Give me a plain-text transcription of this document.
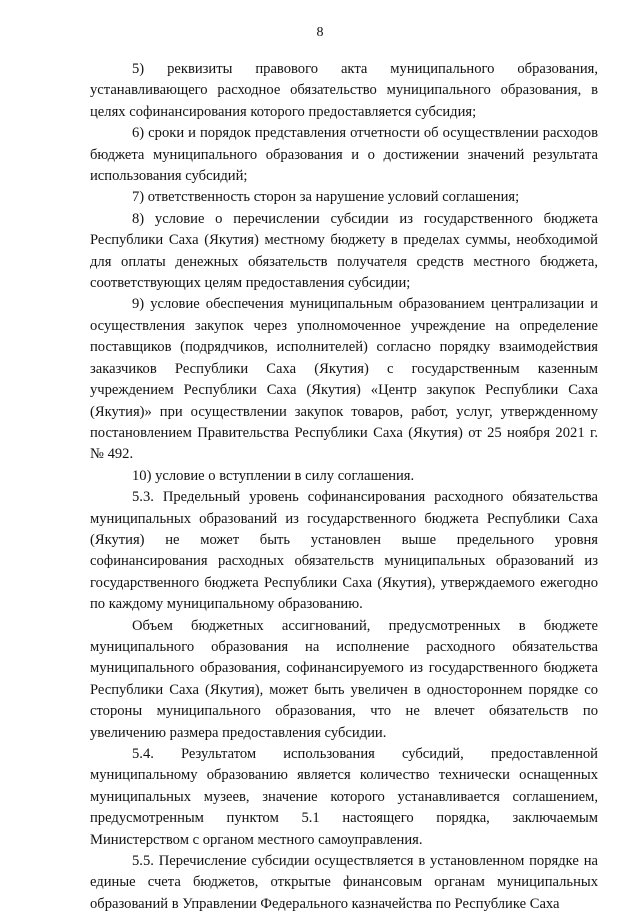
8

5) реквизиты правового акта муниципального образования, устанавливающего расходное обязательство муниципального образования, в целях софинансирования которого предоставляется субсидия;

6) сроки и порядок представления отчетности об осуществлении расходов бюджета муниципального образования и о достижении значений результата использования субсидий;

7) ответственность сторон за нарушение условий соглашения;

8) условие о перечислении субсидии из государственного бюджета Республики Саха (Якутия) местному бюджету в пределах суммы, необходимой для оплаты денежных обязательств получателя средств местного бюджета, соответствующих целям предоставления субсидии;

9) условие обеспечения муниципальным образованием централизации и осуществления закупок через уполномоченное учреждение на определение поставщиков (подрядчиков, исполнителей) согласно порядку взаимодействия заказчиков Республики Саха (Якутия) с государственным казенным учреждением Республики Саха (Якутия) «Центр закупок Республики Саха (Якутия)» при осуществлении закупок товаров, работ, услуг, утвержденному постановлением Правительства Республики Саха (Якутия) от 25 ноября 2021 г. № 492.

10) условие о вступлении в силу соглашения.

5.3. Предельный уровень софинансирования расходного обязательства муниципальных образований из государственного бюджета Республики Саха (Якутия) не может быть установлен выше предельного уровня софинансирования расходных обязательств муниципальных образований из государственного бюджета Республики Саха (Якутия), утверждаемого ежегодно по каждому муниципальному образованию.

Объем бюджетных ассигнований, предусмотренных в бюджете муниципального образования на исполнение расходного обязательства муниципального образования, софинансируемого из государственного бюджета Республики Саха (Якутия), может быть увеличен в одностороннем порядке со стороны муниципального образования, что не влечет обязательств по увеличению размера предоставления субсидии.

5.4. Результатом использования субсидий, предоставленной муниципальному образованию является количество технически оснащенных муниципальных музеев, значение которого устанавливается соглашением, предусмотренным пунктом 5.1 настоящего порядка, заключаемым Министерством с органом местного самоуправления.

5.5. Перечисление субсидии осуществляется в установленном порядке на единые счета бюджетов, открытые финансовым органам муниципальных образований в Управлении Федерального казначейства по Республике Саха
